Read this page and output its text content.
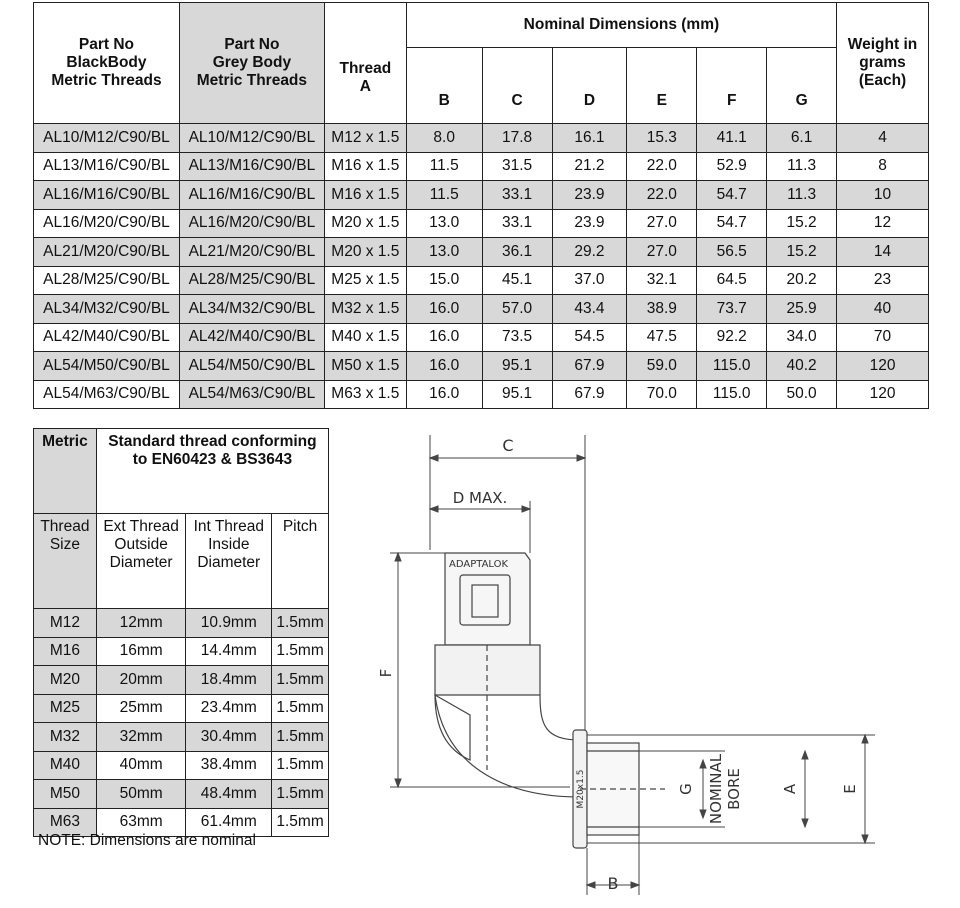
Part No
BlackBody
Metric Threads	Part No
Grey Body
Metric Threads	Thread
A	Nominal Dimensions (mm)						Weight in
grams
(Each)
			B	C	D	E	F	G	
AL10/M12/C90/BL	AL10/M12/C90/BL	M12 x 1.5	8.0	17.8	16.1	15.3	41.1	6.1	4
AL13/M16/C90/BL	AL13/M16/C90/BL	M16 x 1.5	11.5	31.5	21.2	22.0	52.9	11.3	8
AL16/M16/C90/BL	AL16/M16/C90/BL	M16 x 1.5	11.5	33.1	23.9	22.0	54.7	11.3	10
AL16/M20/C90/BL	AL16/M20/C90/BL	M20 x 1.5	13.0	33.1	23.9	27.0	54.7	15.2	12
AL21/M20/C90/BL	AL21/M20/C90/BL	M20 x 1.5	13.0	36.1	29.2	27.0	56.5	15.2	14
AL28/M25/C90/BL	AL28/M25/C90/BL	M25 x 1.5	15.0	45.1	37.0	32.1	64.5	20.2	23
AL34/M32/C90/BL	AL34/M32/C90/BL	M32 x 1.5	16.0	57.0	43.4	38.9	73.7	25.9	40
AL42/M40/C90/BL	AL42/M40/C90/BL	M40 x 1.5	16.0	73.5	54.5	47.5	92.2	34.0	70
AL54/M50/C90/BL	AL54/M50/C90/BL	M50 x 1.5	16.0	95.1	67.9	59.0	115.0	40.2	120
AL54/M63/C90/BL	AL54/M63/C90/BL	M63 x 1.5	16.0	95.1	67.9	70.0	115.0	50.0	120
Metric	Standard thread conforming
to EN60423 & BS3643		
Thread
Size	Ext Thread
Outside
Diameter	Int Thread
Inside
Diameter	Pitch
M12	12mm	10.9mm	1.5mm
M16	16mm	14.4mm	1.5mm
M20	20mm	18.4mm	1.5mm
M25	25mm	23.4mm	1.5mm
M32	32mm	30.4mm	1.5mm
M40	40mm	38.4mm	1.5mm
M50	50mm	48.4mm	1.5mm
M63	63mm	61.4mm	1.5mm
NOTE: Dimensions are nominal
C
D MAX.
ADAPTALOK
F
M20x1.5	G NOMINAL BORE	A	E
B
